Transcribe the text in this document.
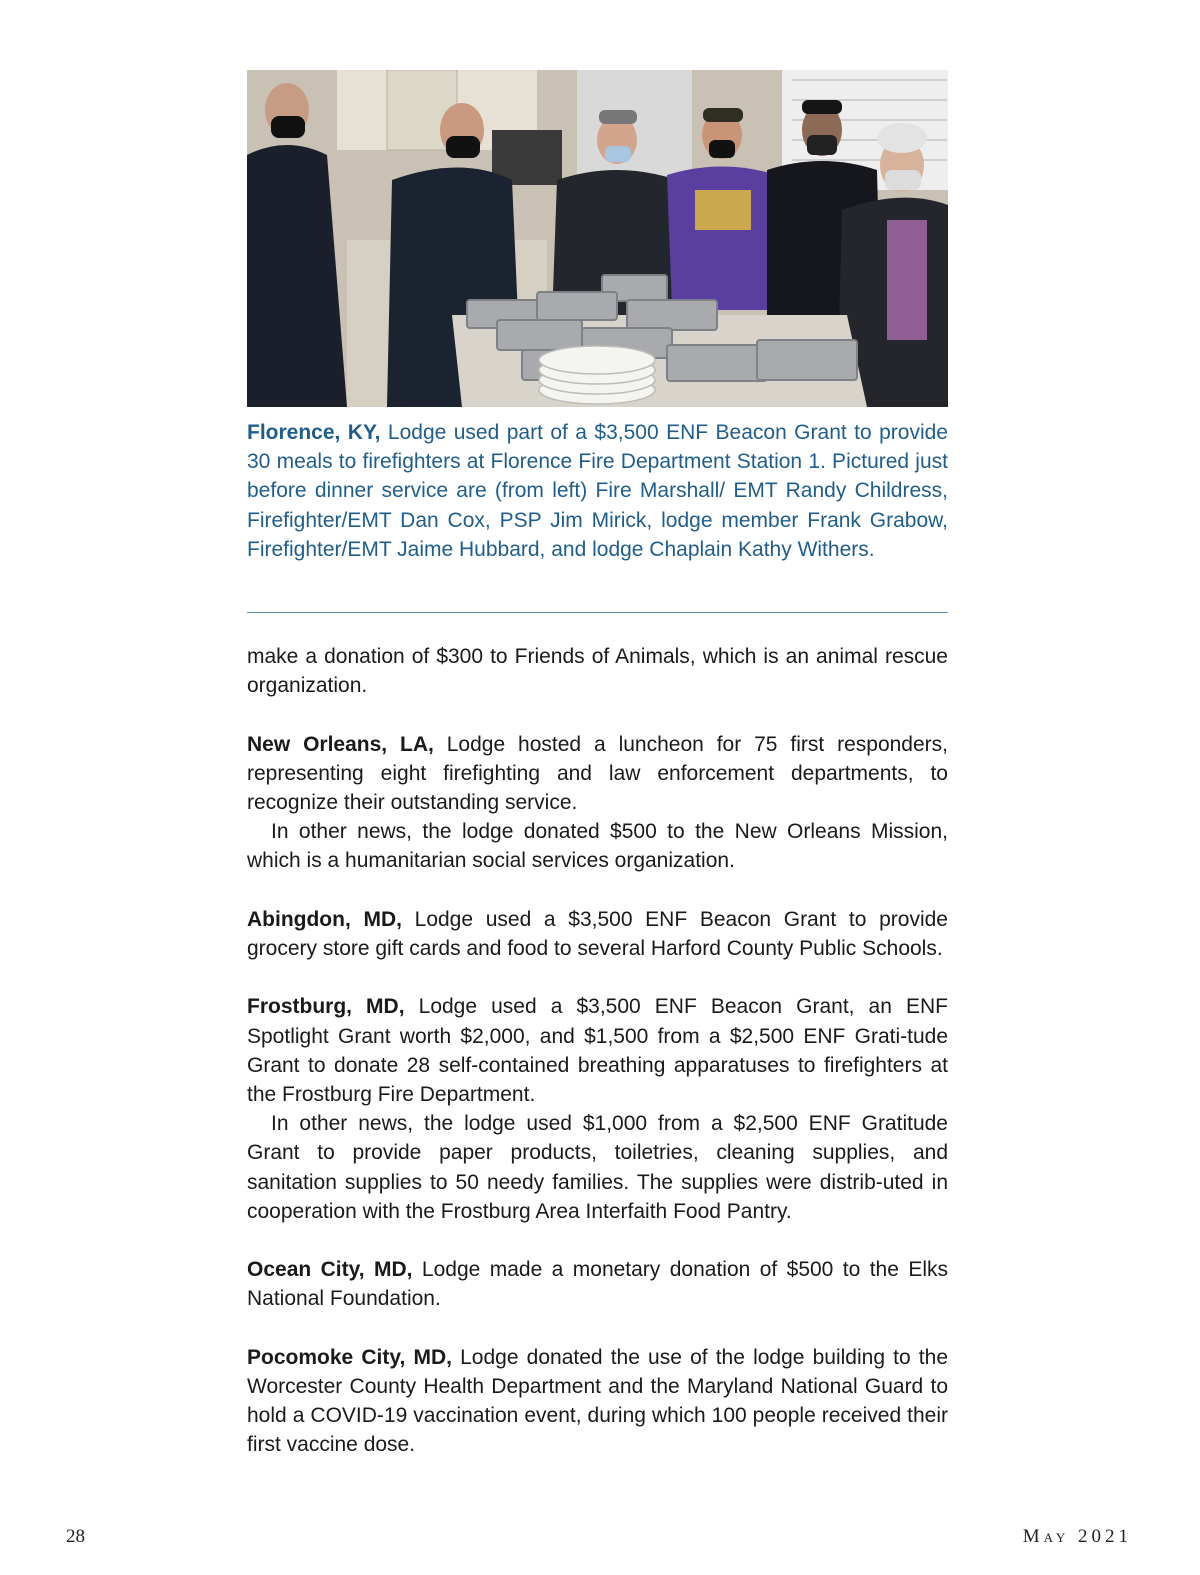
Florence, KY, Lodge used part of a $3,500 ENF Beacon Grant to provide 30 meals to firefighters at Florence Fire Department Station 1. Pictured just before dinner service are (from left) Fire Marshall/ EMT Randy Childress, Firefighter/EMT Dan Cox, PSP Jim Mirick, lodge member Frank Grabow, Firefighter/EMT Jaime Hubbard, and lodge Chaplain Kathy Withers.

make a donation of $300 to Friends of Animals, which is an animal rescue organization.

New Orleans, LA, Lodge hosted a luncheon for 75 first responders, representing eight firefighting and law enforcement departments, to recognize their outstanding service.

In other news, the lodge donated $500 to the New Orleans Mission, which is a humanitarian social services organization.

Abingdon, MD, Lodge used a $3,500 ENF Beacon Grant to provide grocery store gift cards and food to several Harford County Public Schools.

Frostburg, MD, Lodge used a $3,500 ENF Beacon Grant, an ENF Spotlight Grant worth $2,000, and $1,500 from a $2,500 ENF Grati-tude Grant to donate 28 self-contained breathing apparatuses to firefighters at the Frostburg Fire Department.

In other news, the lodge used $1,000 from a $2,500 ENF Gratitude Grant to provide paper products, toiletries, cleaning supplies, and sanitation supplies to 50 needy families. The supplies were distrib-uted in cooperation with the Frostburg Area Interfaith Food Pantry.

Ocean City, MD, Lodge made a monetary donation of $500 to the Elks National Foundation.

Pocomoke City, MD, Lodge donated the use of the lodge building to the Worcester County Health Department and the Maryland National Guard to hold a COVID-19 vaccination event, during which 100 people received their first vaccine dose.

28	May 2021
